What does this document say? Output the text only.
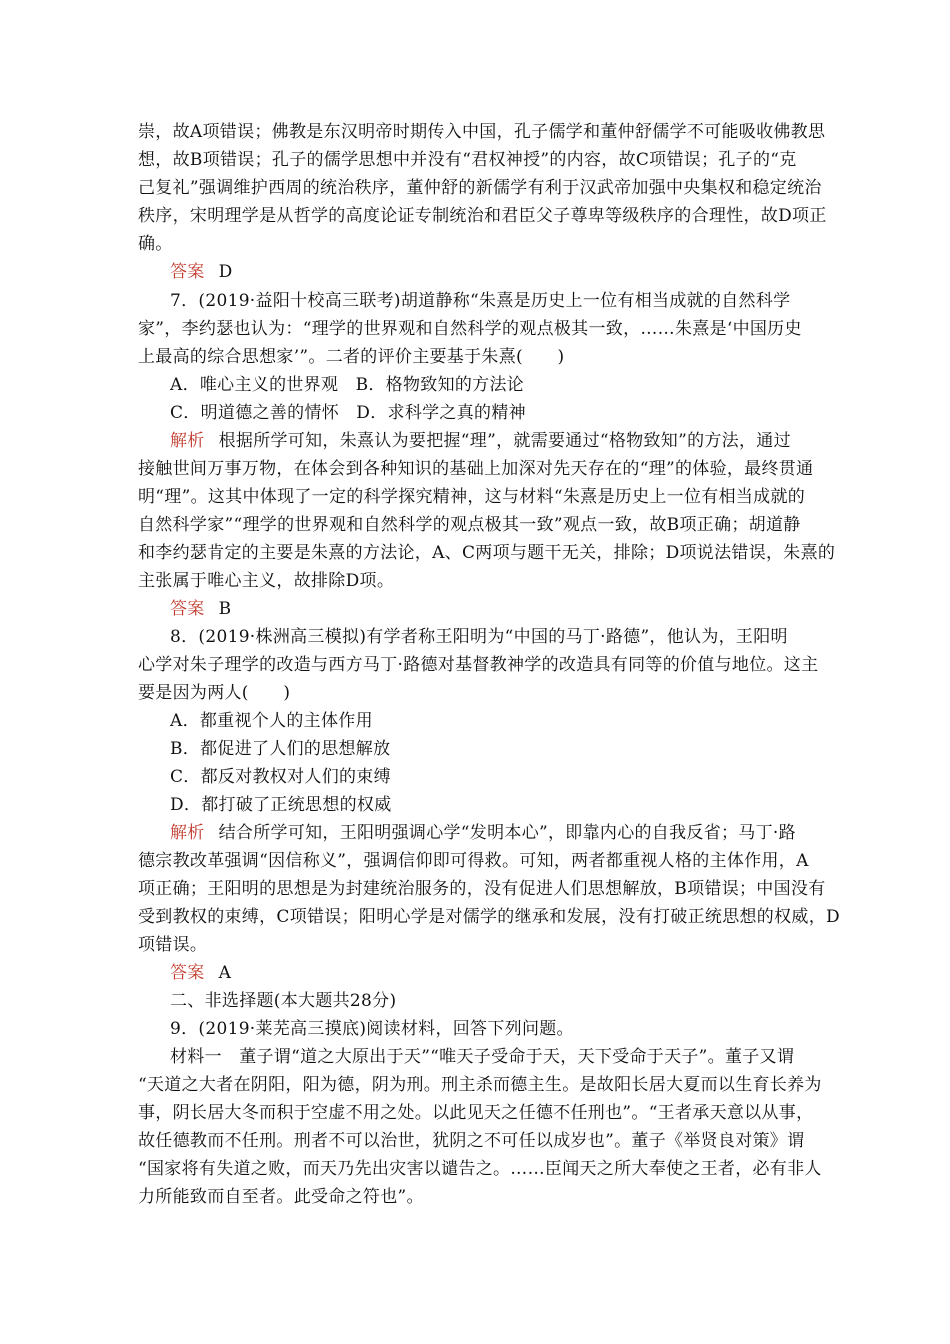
崇，故A项错误；佛教是东汉明帝时期传入中国，孔子儒学和董仲舒儒学不可能吸收佛教思
想，故B项错误；孔子的儒学思想中并没有“君权神授”的内容，故C项错误；孔子的“克
己复礼”强调维护西周的统治秩序，董仲舒的新儒学有利于汉武帝加强中央集权和稳定统治
秩序，宋明理学是从哲学的高度论证专制统治和君臣父子尊卑等级秩序的合理性，故D项正
确。
答案 D
7．(2019·益阳十校高三联考)胡道静称“朱熹是历史上一位有相当成就的自然科学
家”，李约瑟也认为：“理学的世界观和自然科学的观点极其一致，……朱熹是‘中国历史
上最高的综合思想家’”。二者的评价主要基于朱熹(　　)
A．唯心主义的世界观　B．格物致知的方法论
C．明道德之善的情怀　D．求科学之真的精神
解析 根据所学可知，朱熹认为要把握“理”，就需要通过“格物致知”的方法，通过
接触世间万事万物，在体会到各种知识的基础上加深对先天存在的“理”的体验，最终贯通
明“理”。这其中体现了一定的科学探究精神，这与材料“朱熹是历史上一位有相当成就的
自然科学家”“理学的世界观和自然科学的观点极其一致”观点一致，故B项正确；胡道静
和李约瑟肯定的主要是朱熹的方法论，A、C两项与题干无关，排除；D项说法错误，朱熹的
主张属于唯心主义，故排除D项。
答案 B
8．(2019·株洲高三模拟)有学者称王阳明为“中国的马丁·路德”，他认为，王阳明
心学对朱子理学的改造与西方马丁·路德对基督教神学的改造具有同等的价值与地位。这主
要是因为两人(　　)
A．都重视个人的主体作用
B．都促进了人们的思想解放
C．都反对教权对人们的束缚
D．都打破了正统思想的权威
解析 结合所学可知，王阳明强调心学“发明本心”，即靠内心的自我反省；马丁·路
德宗教改革强调“因信称义”，强调信仰即可得救。可知，两者都重视人格的主体作用，A
项正确；王阳明的思想是为封建统治服务的，没有促进人们思想解放，B项错误；中国没有
受到教权的束缚，C项错误；阳明心学是对儒学的继承和发展，没有打破正统思想的权威，D
项错误。
答案 A
二、非选择题(本大题共28分)
9．(2019·莱芜高三摸底)阅读材料，回答下列问题。
材料一　董子谓“道之大原出于天”“唯天子受命于天，天下受命于天子”。董子又谓
“天道之大者在阴阳，阳为德，阴为刑。刑主杀而德主生。是故阳长居大夏而以生育长养为
事，阴长居大冬而积于空虚不用之处。以此见天之任德不任刑也”。“王者承天意以从事，
故任德教而不任刑。刑者不可以治世，犹阴之不可任以成岁也”。董子《举贤良对策》谓
“国家将有失道之败，而天乃先出灾害以谴告之。……臣闻天之所大奉使之王者，必有非人
力所能致而自至者。此受命之符也”。
